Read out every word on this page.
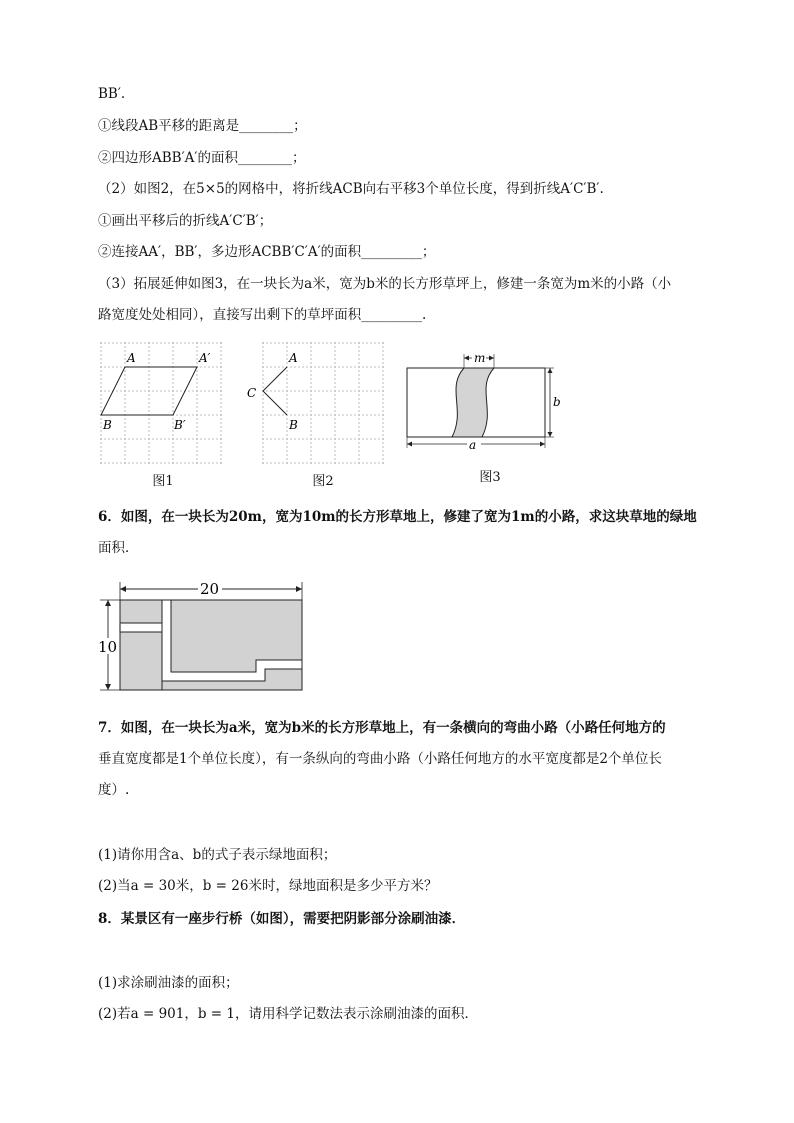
BB′.
①线段AB平移的距离是________；
②四边形ABB′A′的面积________；
（2）如图2，在5×5的网格中，将折线ACB向右平移3个单位长度，得到折线A′C′B′.
①画出平移后的折线A′C′B′；
②连接AA′，BB′，多边形ACBB′C′A′的面积_________；
（3）拓展延伸如图3，在一块长为a米，宽为b米的长方形草坪上，修建一条宽为m米的小路（小
路宽度处处相同），直接写出剩下的草坪面积_________.
A	A′
B	B′
图1
A
C
B
图2
m
b
a
图3
6．如图，在一块长为20m，宽为10m的长方形草地上，修建了宽为1m的小路，求这块草地的绿地
面积．
20
10
7．如图，在一块长为a米，宽为b米的长方形草地上，有一条横向的弯曲小路（小路任何地方的
垂直宽度都是1个单位长度），有一条纵向的弯曲小路（小路任何地方的水平宽度都是2个单位长
度）.
(1)请你用含a、b的式子表示绿地面积；
(2)当a = 30米，b = 26米时，绿地面积是多少平方米？
8．某景区有一座步行桥（如图），需要把阴影部分涂刷油漆．
(1)求涂刷油漆的面积；
(2)若a = 901，b = 1，请用科学记数法表示涂刷油漆的面积．
